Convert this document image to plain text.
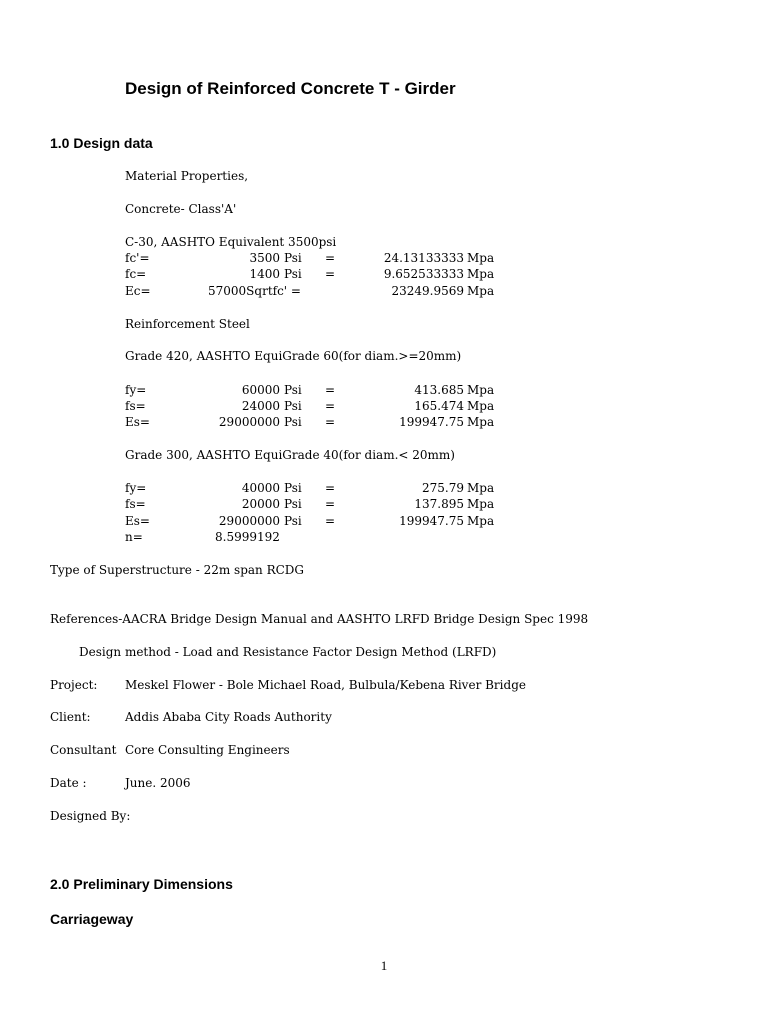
Design of Reinforced Concrete T - Girder
1.0 Design data
Material Properties,
Concrete- Class'A'
C-30, AASHTO Equivalent 3500psi
fc'=	3500 Psi =	24.13133333 Mpa
fc=	1400 Psi =	9.652533333 Mpa
Ec=	57000Sqrtfc' =	23249.9569 Mpa
Reinforcement Steel
Grade 420, AASHTO EquiGrade 60(for diam.>=20mm)
fy=	60000 Psi =	413.685 Mpa
fs=	24000 Psi =	165.474 Mpa
Es=	29000000 Psi =	199947.75 Mpa
Grade 300, AASHTO EquiGrade 40(for diam.< 20mm)
fy=	40000 Psi =	275.79 Mpa
fs=	20000 Psi =	137.895 Mpa
Es=	29000000 Psi =	199947.75 Mpa
n=	8.5999192
Type of Superstructure - 22m span RCDG
References-AACRA Bridge Design Manual and AASHTO LRFD Bridge Design Spec 1998
Design method - Load and Resistance Factor Design Method (LRFD)
Project: Meskel Flower - Bole Michael Road, Bulbula/Kebena River Bridge
Client:	Addis Ababa City Roads Authority
Consultant Core Consulting Engineers
Date :	June. 2006
Designed By:
2.0 Preliminary Dimensions
Carriageway
1
